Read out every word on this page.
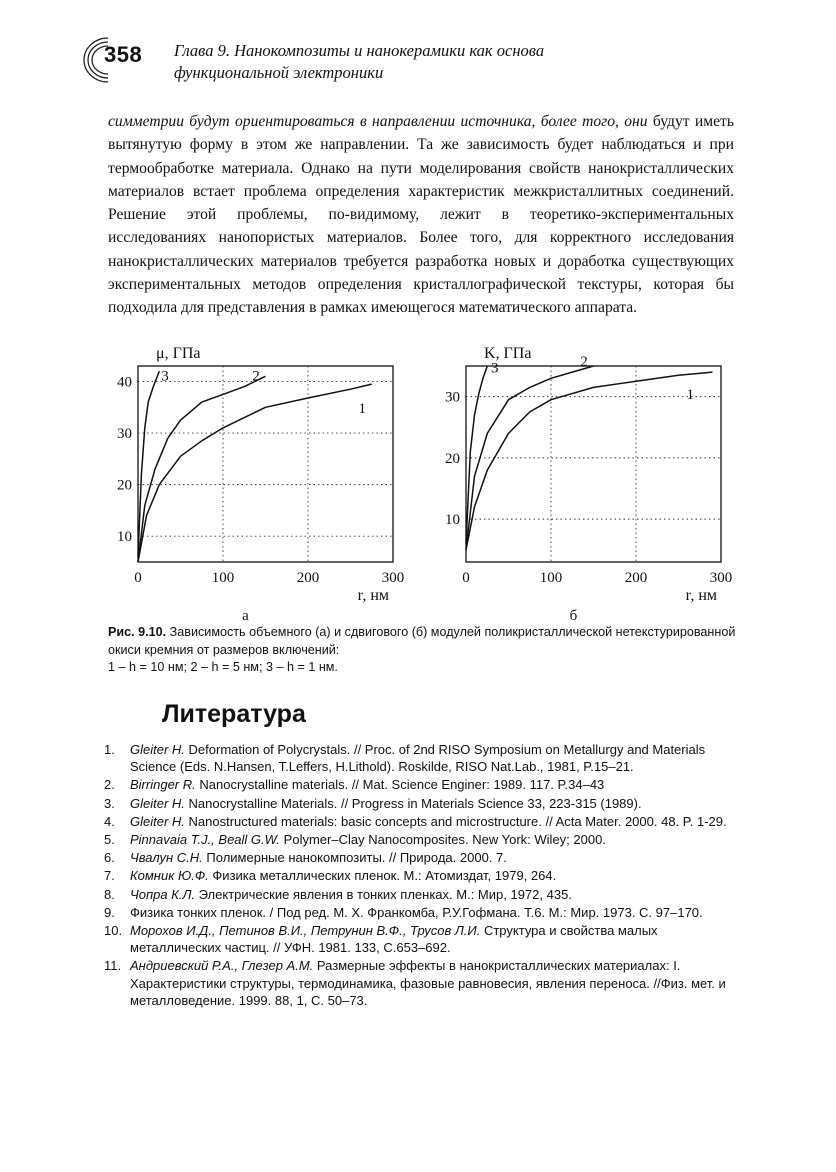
358 Глава 9. Нанокомпозиты и нанокерамики как основа
функциональной электроники

симметрии будут ориентироваться в направлении источника, более того, они будут иметь вытянутую форму в этом же направлении. Та же зависимость будет наблюдаться и при термообработке материала. Однако на пути моделирования свойств нанокристаллических материалов встает проблема определения характеристик межкристаллитных соединений. Решение этой проблемы, по-видимому, лежит в теоретико-экспериментальных исследованиях нанопористых материалов. Более того, для корректного исследования нанокристаллических материалов требуется разработка новых и доработка существующих экспериментальных методов определения кристаллографической текстуры, которая бы подходила для представления в рамках имеющегося математического аппарата.

0	100	200	300
10
20
30
40
μ, ГПа
r, нм
а
1
2
3
0	100	200	300
10
20
30
K, ГПа
r, нм
б
1
2
3
Рис. 9.10. Зависимость объемного (а) и сдвигового (б) модулей поликристаллической нетекстурированной окиси кремния от размеров включений:
1 – h = 10 нм; 2 – h = 5 нм; 3 – h = 1 нм.
Литература
1.	Gleiter H. Deformation of Polycrystals. // Proc. of 2nd RISO Symposium on Metallurgy and Materials Science (Eds. N.Hansen, T.Leffers, H.Lithold). Roskilde, RISO Nat.Lab., 1981, P.15–21.
2.	Birringer R. Nanocrystalline materials. // Mat. Science Enginer: 1989. 117. P.34–43
3.	Gleiter H. Nanocrystalline Materials. // Progress in Materials Science 33, 223-315 (1989).
4.	Gleiter H. Nanostructured materials: basic concepts and microstructure. // Acta Mater. 2000. 48. P. 1-29.
5.	Pinnavaia T.J., Beall G.W. Polymer–Clay Nanocomposites. New York: Wiley; 2000.
6.	Чвалун С.Н. Полимерные нанокомпозиты. // Природа. 2000. 7.
7.	Комник Ю.Ф. Физика металлических пленок. М.: Атомиздат, 1979, 264.
8.	Чопра К.Л. Электрические явления в тонких пленках. М.: Мир, 1972, 435.
9.	Физика тонких пленок. / Под ред. М. Х. Франкомба, Р.У.Гофмана. Т.6. М.: Мир. 1973. С. 97–170.
10. Морохов И.Д., Петинов В.И., Петрунин В.Ф., Трусов Л.И. Структура и свойства малых металлических частиц. // УФН. 1981. 133, С.653–692.
11. Андриевский Р.А., Глезер А.М. Размерные эффекты в нанокристаллических материалах: I. Характеристики структуры, термодинамика, фазовые равновесия, явления переноса. //Физ. мет. и металловедение. 1999. 88, 1, С. 50–73.
